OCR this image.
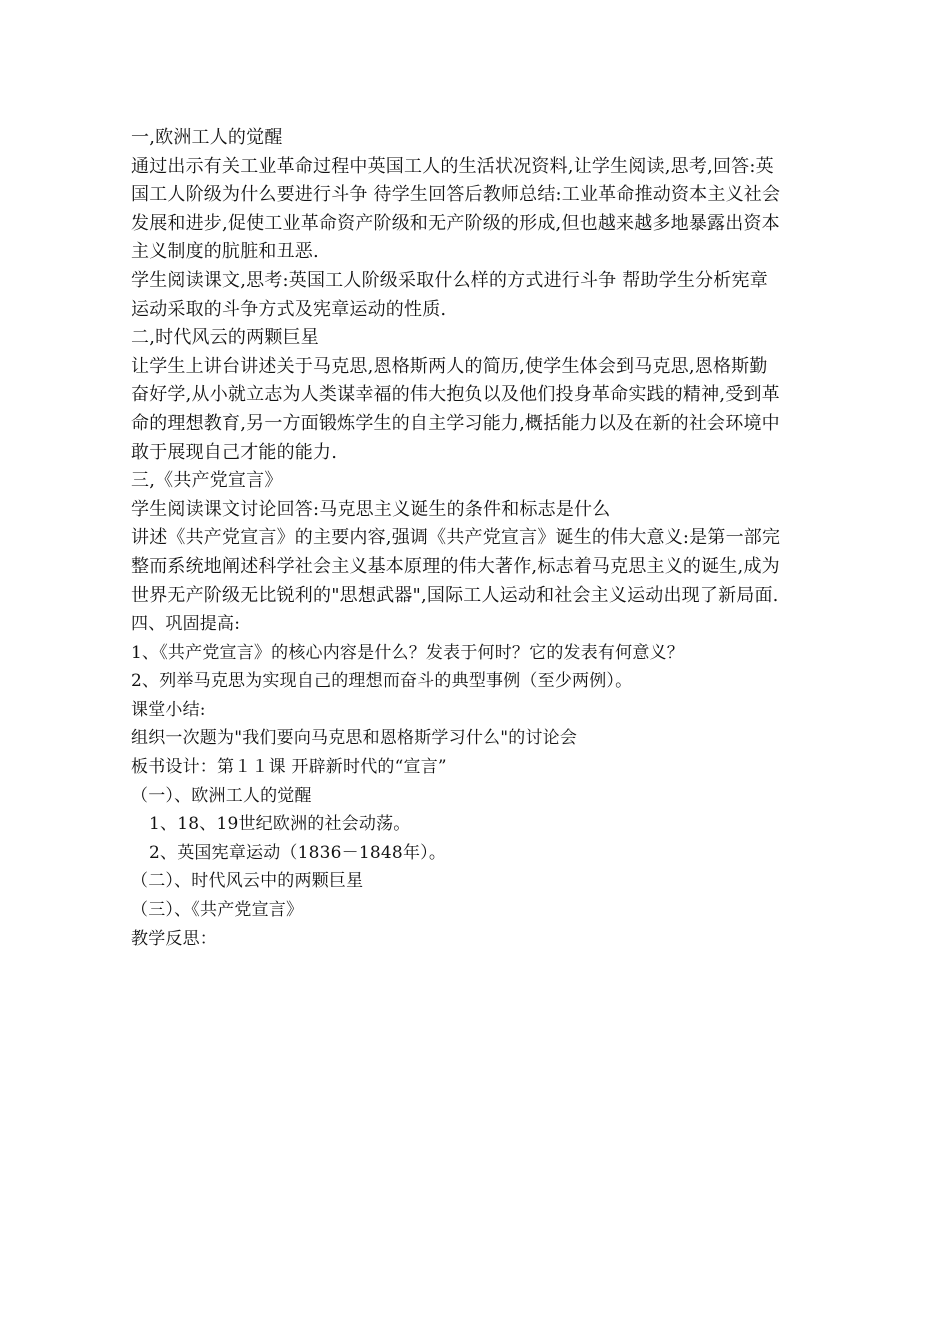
一,欧洲工人的觉醒
通过出示有关工业革命过程中英国工人的生活状况资料,让学生阅读,思考,回答:英
国工人阶级为什么要进行斗争 待学生回答后教师总结:工业革命推动资本主义社会
发展和进步,促使工业革命资产阶级和无产阶级的形成,但也越来越多地暴露出资本
主义制度的肮脏和丑恶.
学生阅读课文,思考:英国工人阶级采取什么样的方式进行斗争 帮助学生分析宪章
运动采取的斗争方式及宪章运动的性质.
二,时代风云的两颗巨星
让学生上讲台讲述关于马克思,恩格斯两人的简历,使学生体会到马克思,恩格斯勤
奋好学,从小就立志为人类谋幸福的伟大抱负以及他们投身革命实践的精神,受到革
命的理想教育,另一方面锻炼学生的自主学习能力,概括能力以及在新的社会环境中
敢于展现自己才能的能力.
三,《共产党宣言》
学生阅读课文讨论回答:马克思主义诞生的条件和标志是什么
讲述《共产党宣言》的主要内容,强调《共产党宣言》诞生的伟大意义:是第一部完
整而系统地阐述科学社会主义基本原理的伟大著作,标志着马克思主义的诞生,成为
世界无产阶级无比锐利的"思想武器",国际工人运动和社会主义运动出现了新局面.
四、巩固提高:
1、《共产党宣言》的核心内容是什么？发表于何时？它的发表有何意义？
2、列举马克思为实现自己的理想而奋斗的典型事例（至少两例）。
课堂小结:
组织一次题为"我们要向马克思和恩格斯学习什么"的讨论会
板书设计：第１１课 开辟新时代的“宣言”
（一）、欧洲工人的觉醒
1、18、19世纪欧洲的社会动荡。
2、英国宪章运动（1836－1848年）。
（二）、时代风云中的两颗巨星
（三）、《共产党宣言》
教学反思：
